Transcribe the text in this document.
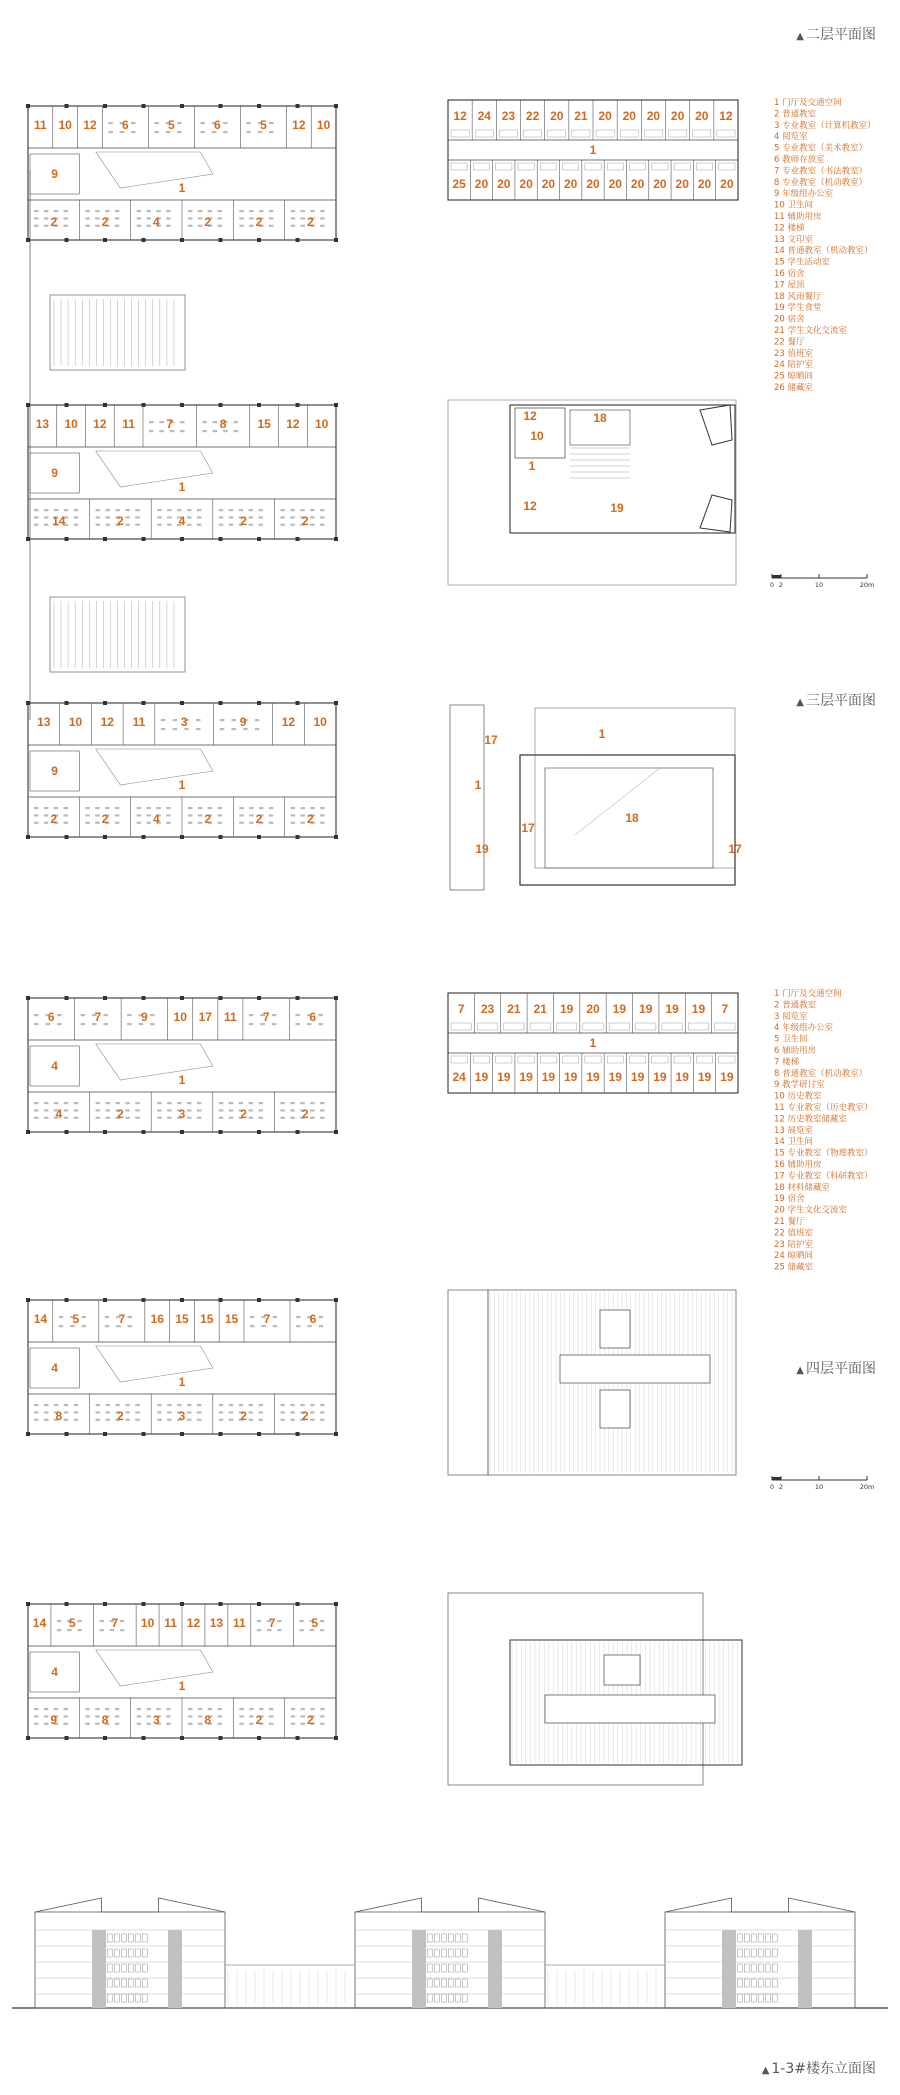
▲ 二层平面图
▲ 三层平面图
▲ 四层平面图
▲ 1-3#楼东立面图
11 10 12 6	5	6	5 12 10
9
1
2	2	4	2	2	2
13 10 12 11	7	8	15 12 10
9
1
14	2	4	2	2
13 10 12 11	3	9	12 10
9
1
2	2	4	2	2	2
12 24 23 22 20 21 20 20 20 20 20 12
1
25 20 20 20 20 20 20 20 20 20 20 20 20
1 门厅及交通空间
2 普通教室
3 专业教室（计算机教室）
4 阅览室
5 专业教室（美术教室）
6 教师存放室
7 专业教室（书法教室）
8 专业教室（机动教室）
9 年级组办公室
10 卫生间
11 辅助用房
12 楼梯
13 文印室
14 普通教室（机动教室）
15 学生活动室
16 宿舍
17 屋顶
18 风雨餐厅
19 学生食堂
20 宿舍
21 学生文化交流室
22 餐厅
23 值班室
24 陪护室
25 晾晒间
26 储藏室
0 2	10	20m
12	18
10
1
12	19
17	1
1
19
17
18
17
6	7	9 10 17 11 7	6
4
1
4	2	3	2	2
14 5	7 16 15 15 15 7	6
4
1
8	2	3	2	2
14 5	7 10 11 12 13 11 7	5
4
1
9	8	3	8	2	2
7 23 21 21 19 20 19 19 19 19 7
1
24 19 19 19 19 19 19 19 19 19 19 19 19
1 门厅及交通空间
2 普通教室
3 阅览室
4 年级组办公室
5 卫生间
6 辅助用房
7 楼梯
8 普通教室（机动教室）
9 教学研讨室
10 历史教室
11 专业教室（历史教室）
12 历史教室储藏室
13 展览室
14 卫生间
15 专业教室（物理教室）
16 辅助用房
17 专业教室（科研教室）
18 材料储藏室
19 宿舍
20 学生文化交流室
21 餐厅
22 值班室
23 陪护室
24 晾晒间
25 储藏室
0 2	10	20m
